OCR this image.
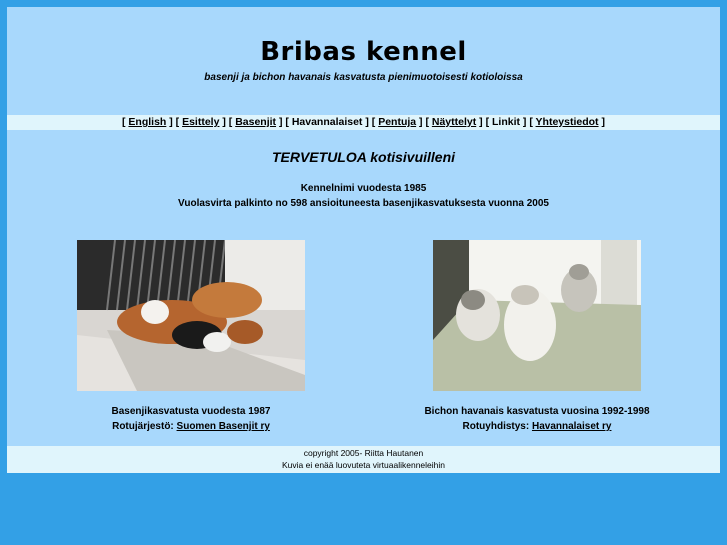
Bribas kennel
basenji ja bichon havanais kasvatusta pienimuotoisesti kotioloissa
[ English ] [ Esittely ] [ Basenjit ] [ Havannalaiset ] [ Pentuja ] [ Näyttelyt ] [ Linkit ] [ Yhteystiedot ]
TERVETULOA kotisivuilleni
Kennelnimi vuodesta 1985
Vuolasvirta palkinto no 598 ansioituneesta basenjikasvatuksesta vuonna 2005
Basenjikasvatusta vuodesta 1987
Rotujärjestö: Suomen Basenjit ry
Bichon havanais kasvatusta vuosina 1992-1998
Rotuyhdistys: Havannalaiset ry
copyright 2005- Riitta Hautanen
Kuvia ei enää luovuteta virtuaalikenneleihin
